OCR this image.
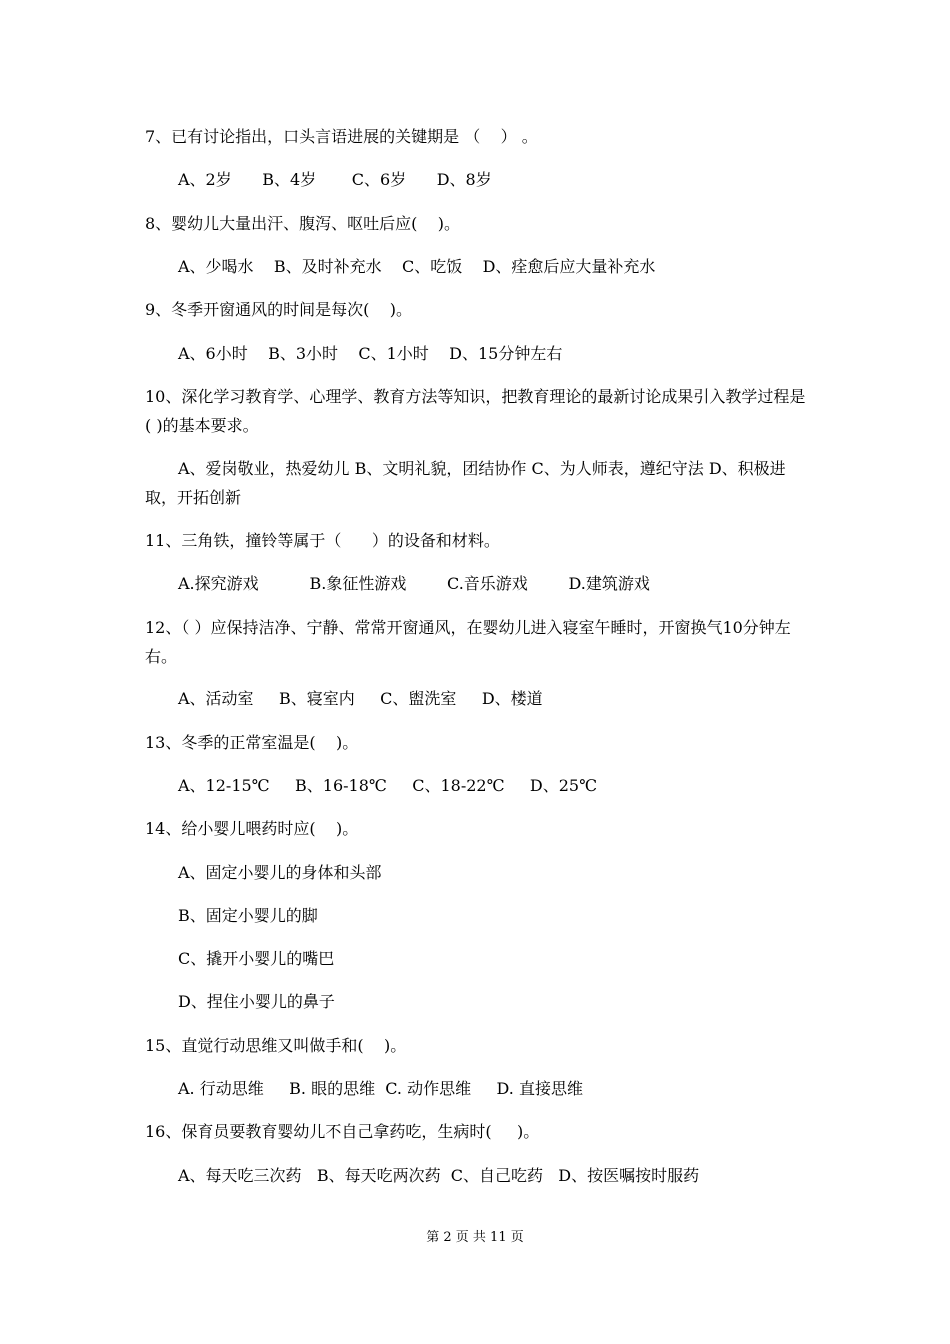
7、已有讨论指出，口头言语进展的关键期是 （    ） 。
A、2岁      B、4岁       C、6岁      D、8岁
8、婴幼儿大量出汗、腹泻、呕吐后应(    )。
A、少喝水    B、及时补充水    C、吃饭    D、痊愈后应大量补充水
9、冬季开窗通风的时间是每次(    )。
A、6小时    B、3小时    C、1小时    D、15分钟左右
10、深化学习教育学、心理学、教育方法等知识，把教育理论的最新讨论成果引入教学过程是( )的基本要求。
A、爱岗敬业，热爱幼儿 B、文明礼貌，团结协作 C、为人师表，遵纪守法 D、积极进取，开拓创新
11、三角铁，撞铃等属于（      ）的设备和材料。
A.探究游戏          B.象征性游戏        C.音乐游戏        D.建筑游戏
12、（ ）应保持洁净、宁静、常常开窗通风，在婴幼儿进入寝室午睡时，开窗换气10分钟左右。
A、活动室     B、寝室内     C、盥洗室     D、楼道
13、冬季的正常室温是(    )。
A、12-15℃     B、16-18℃     C、18-22℃     D、25℃
14、给小婴儿喂药时应(    )。
A、固定小婴儿的身体和头部
B、固定小婴儿的脚
C、撬开小婴儿的嘴巴
D、捏住小婴儿的鼻子
15、直觉行动思维又叫做手和(    )。
A. 行动思维     B. 眼的思维  C. 动作思维     D. 直接思维
16、保育员要教育婴幼儿不自己拿药吃，生病时(     )。
A、每天吃三次药   B、每天吃两次药  C、自己吃药   D、按医嘱按时服药
第 2 页 共 11 页
